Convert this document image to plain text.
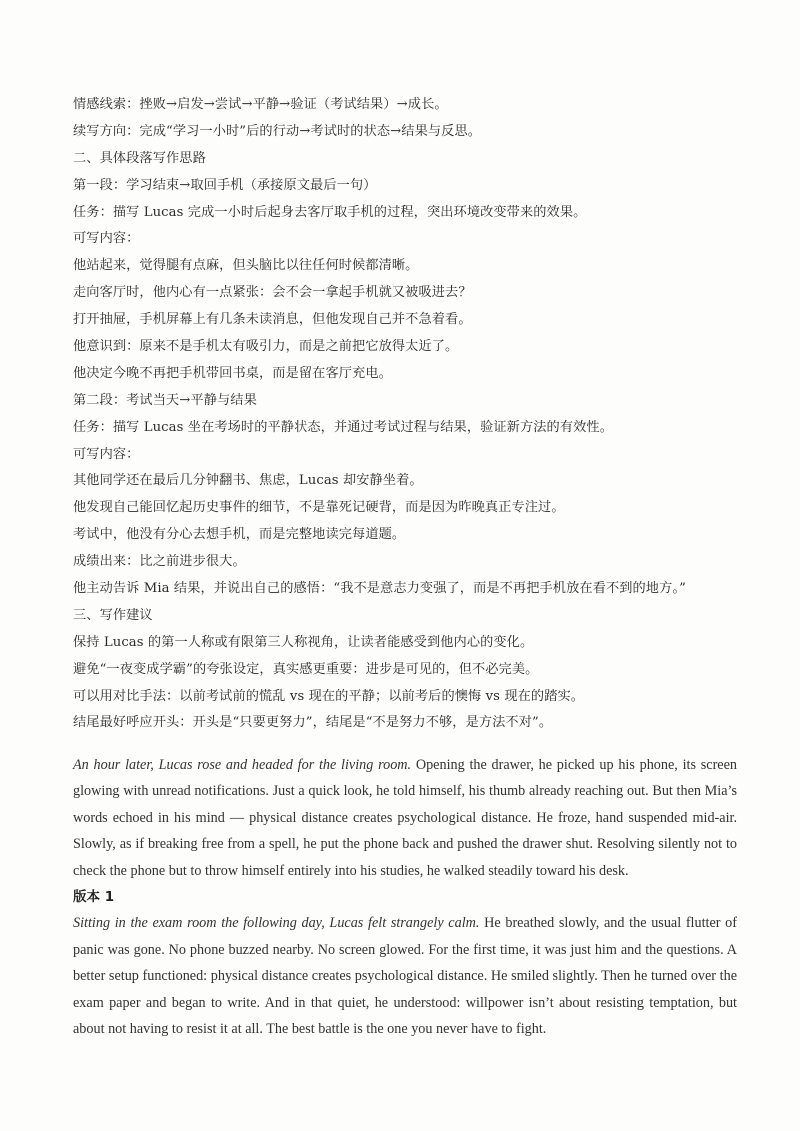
情感线索：挫败→启发→尝试→平静→验证（考试结果）→成长。
续写方向：完成“学习一小时”后的行动→考试时的状态→结果与反思。
二、具体段落写作思路
第一段：学习结束→取回手机（承接原文最后一句）
任务：描写 Lucas 完成一小时后起身去客厅取手机的过程，突出环境改变带来的效果。
可写内容：
他站起来，觉得腿有点麻，但头脑比以往任何时候都清晰。
走向客厅时，他内心有一点紧张：会不会一拿起手机就又被吸进去？
打开抽屉，手机屏幕上有几条未读消息，但他发现自己并不急着看。
他意识到：原来不是手机太有吸引力，而是之前把它放得太近了。
他决定今晚不再把手机带回书桌，而是留在客厅充电。
第二段：考试当天→平静与结果
任务：描写 Lucas 坐在考场时的平静状态，并通过考试过程与结果，验证新方法的有效性。
可写内容：
其他同学还在最后几分钟翻书、焦虑，Lucas 却安静坐着。
他发现自己能回忆起历史事件的细节，不是靠死记硬背，而是因为昨晚真正专注过。
考试中，他没有分心去想手机，而是完整地读完每道题。
成绩出来：比之前进步很大。
他主动告诉 Mia 结果，并说出自己的感悟：“我不是意志力变强了，而是不再把手机放在看不到的地方。”
三、写作建议
保持 Lucas 的第一人称或有限第三人称视角，让读者能感受到他内心的变化。
避免“一夜变成学霸”的夸张设定，真实感更重要：进步是可见的，但不必完美。
可以用对比手法：以前考试前的慌乱 vs 现在的平静；以前考后的懊悔 vs 现在的踏实。
结尾最好呼应开头：开头是“只要更努力”，结尾是“不是努力不够，是方法不对”。

An hour later, Lucas rose and headed for the living room. Opening the drawer, he picked up his phone, its screen glowing with unread notifications. Just a quick look, he told himself, his thumb already reaching out. But then Mia’s words echoed in his mind — physical distance creates psychological distance. He froze, hand suspended mid-air. Slowly, as if breaking free from a spell, he put the phone back and pushed the drawer shut. Resolving silently not to check the phone but to throw himself entirely into his studies, he walked steadily toward his desk.

版本 1

Sitting in the exam room the following day, Lucas felt strangely calm. He breathed slowly, and the usual flutter of panic was gone. No phone buzzed nearby. No screen glowed. For the first time, it was just him and the questions. A better setup functioned: physical distance creates psychological distance. He smiled slightly. Then he turned over the exam paper and began to write. And in that quiet, he understood: willpower isn’t about resisting temptation, but about not having to resist it at all. The best battle is the one you never have to fight.
